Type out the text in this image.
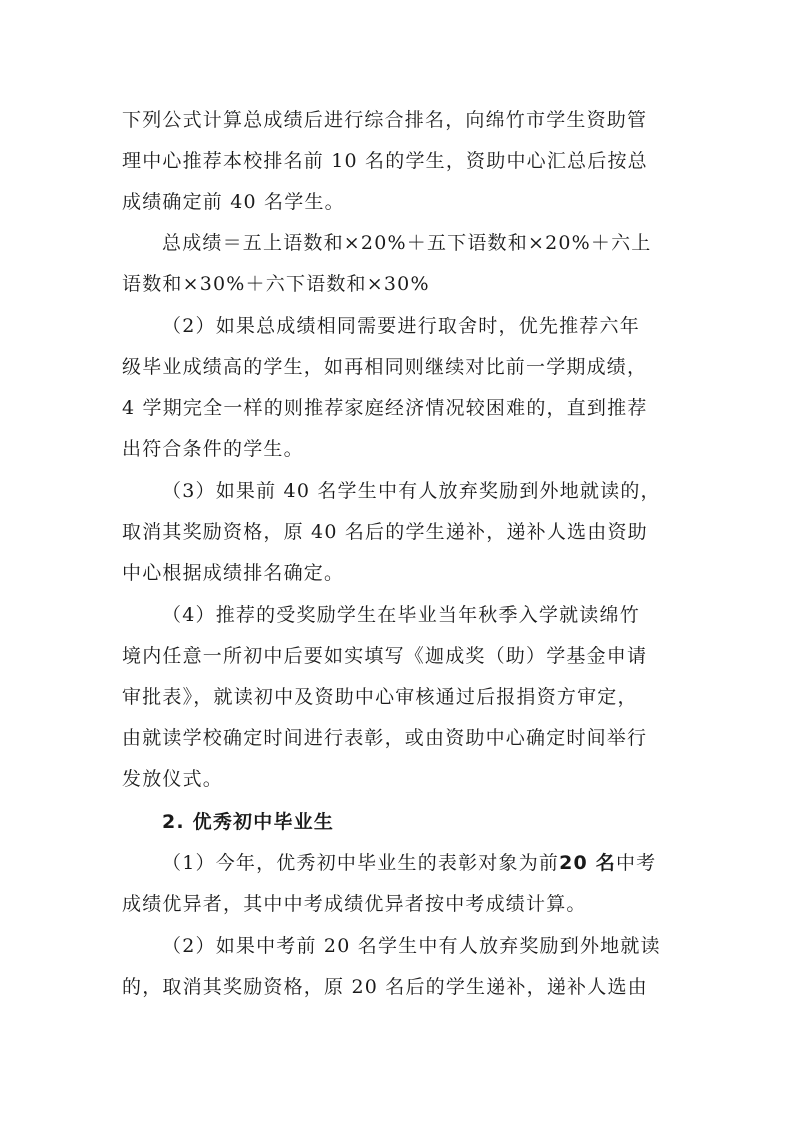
下列公式计算总成绩后进行综合排名，向绵竹市学生资助管
理中心推荐本校排名前 10 名的学生，资助中心汇总后按总
成绩确定前 40 名学生。
总成绩＝五上语数和×20%＋五下语数和×20%＋六上
语数和×30%＋六下语数和×30%
（2）如果总成绩相同需要进行取舍时，优先推荐六年
级毕业成绩高的学生，如再相同则继续对比前一学期成绩，
4 学期完全一样的则推荐家庭经济情况较困难的，直到推荐
出符合条件的学生。
（3）如果前 40 名学生中有人放弃奖励到外地就读的，
取消其奖励资格，原 40 名后的学生递补，递补人选由资助
中心根据成绩排名确定。
（4）推荐的受奖励学生在毕业当年秋季入学就读绵竹
境内任意一所初中后要如实填写《迦成奖（助）学基金申请
审批表》，就读初中及资助中心审核通过后报捐资方审定，
由就读学校确定时间进行表彰，或由资助中心确定时间举行
发放仪式。
2. 优秀初中毕业生
（1）今年，优秀初中毕业生的表彰对象为前20 名中考
成绩优异者，其中中考成绩优异者按中考成绩计算。
（2）如果中考前 20 名学生中有人放弃奖励到外地就读
的，取消其奖励资格，原 20 名后的学生递补，递补人选由
